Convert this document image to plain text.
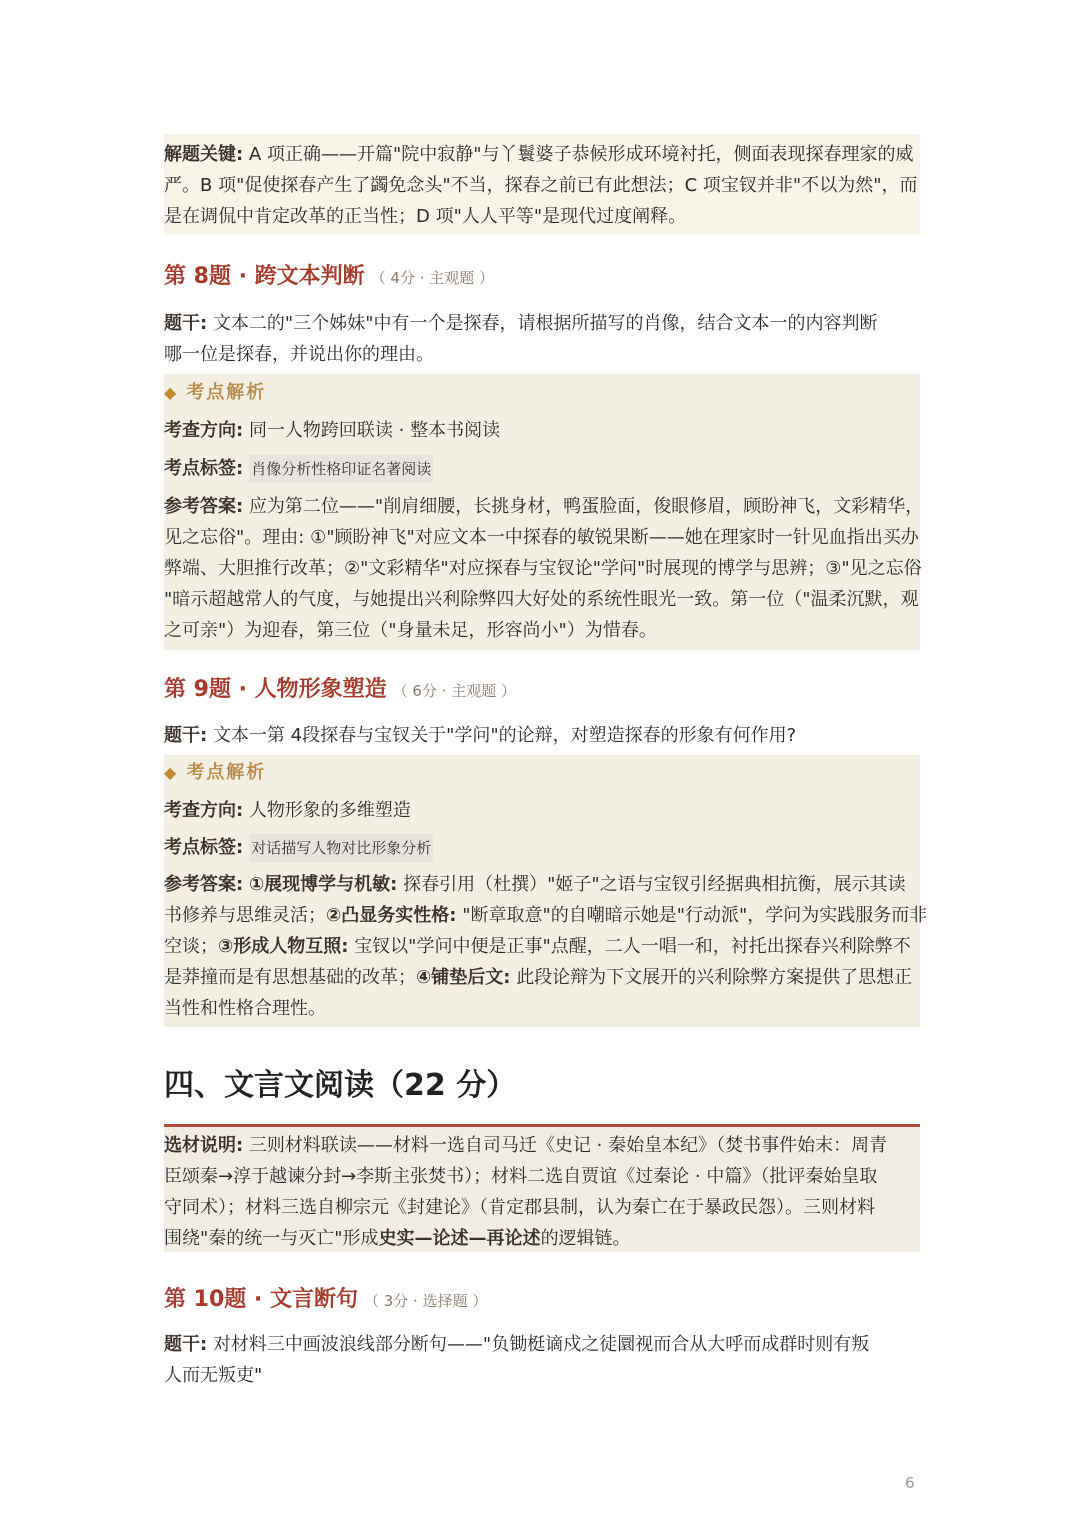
解题关键: A 项正确——开篇"院中寂静"与丫鬟婆子恭候形成环境衬托，侧面表现探春理家的威
严。B 项"促使探春产生了蠲免念头"不当，探春之前已有此想法；C 项宝钗并非"不以为然"，而
是在调侃中肯定改革的正当性；D 项"人人平等"是现代过度阐释。
第 8题 · 跨文本判断 （ 4分 · 主观题 ）
题干: 文本二的"三个姊妹"中有一个是探春，请根据所描写的肖像，结合文本一的内容判断
哪一位是探春，并说出你的理由。
◆ 考点解析
考查方向: 同一人物跨回联读 · 整本书阅读
考点标签: 肖像分析性格印证名著阅读
参考答案: 应为第二位——"削肩细腰，长挑身材，鸭蛋脸面，俊眼修眉，顾盼神飞，文彩精华，
见之忘俗"。理由: ①"顾盼神飞"对应文本一中探春的敏锐果断——她在理家时一针见血指出买办
弊端、大胆推行改革；②"文彩精华"对应探春与宝钗论"学问"时展现的博学与思辨；③"见之忘俗
"暗示超越常人的气度，与她提出兴利除弊四大好处的系统性眼光一致。第一位（"温柔沉默，观
之可亲"）为迎春，第三位（"身量未足，形容尚小"）为惜春。
第 9题 · 人物形象塑造 （ 6分 · 主观题 ）
题干: 文本一第 4段探春与宝钗关于"学问"的论辩，对塑造探春的形象有何作用?
◆ 考点解析
考查方向: 人物形象的多维塑造
考点标签: 对话描写人物对比形象分析
参考答案: ①展现博学与机敏: 探春引用（杜撰）"姬子"之语与宝钗引经据典相抗衡，展示其读
书修养与思维灵活；②凸显务实性格: "断章取意"的自嘲暗示她是"行动派"，学问为实践服务而非
空谈；③形成人物互照: 宝钗以"学问中便是正事"点醒，二人一唱一和，衬托出探春兴利除弊不
是莽撞而是有思想基础的改革；④铺垫后文: 此段论辩为下文展开的兴利除弊方案提供了思想正
当性和性格合理性。
四、文言文阅读（22 分）
选材说明: 三则材料联读——材料一选自司马迁《史记 · 秦始皇本纪》（焚书事件始末：周青
臣颂秦→淳于越谏分封→李斯主张焚书）；材料二选自贾谊《过秦论 · 中篇》（批评秦始皇取
守同术）；材料三选自柳宗元《封建论》（肯定郡县制，认为秦亡在于暴政民怨）。三则材料
围绕"秦的统一与灭亡"形成史实—论述—再论述的逻辑链。
第 10题 · 文言断句 （ 3分 · 选择题 ）
题干: 对材料三中画波浪线部分断句——"负锄梃谪戍之徒圜视而合从大呼而成群时则有叛
人而无叛吏"
6
